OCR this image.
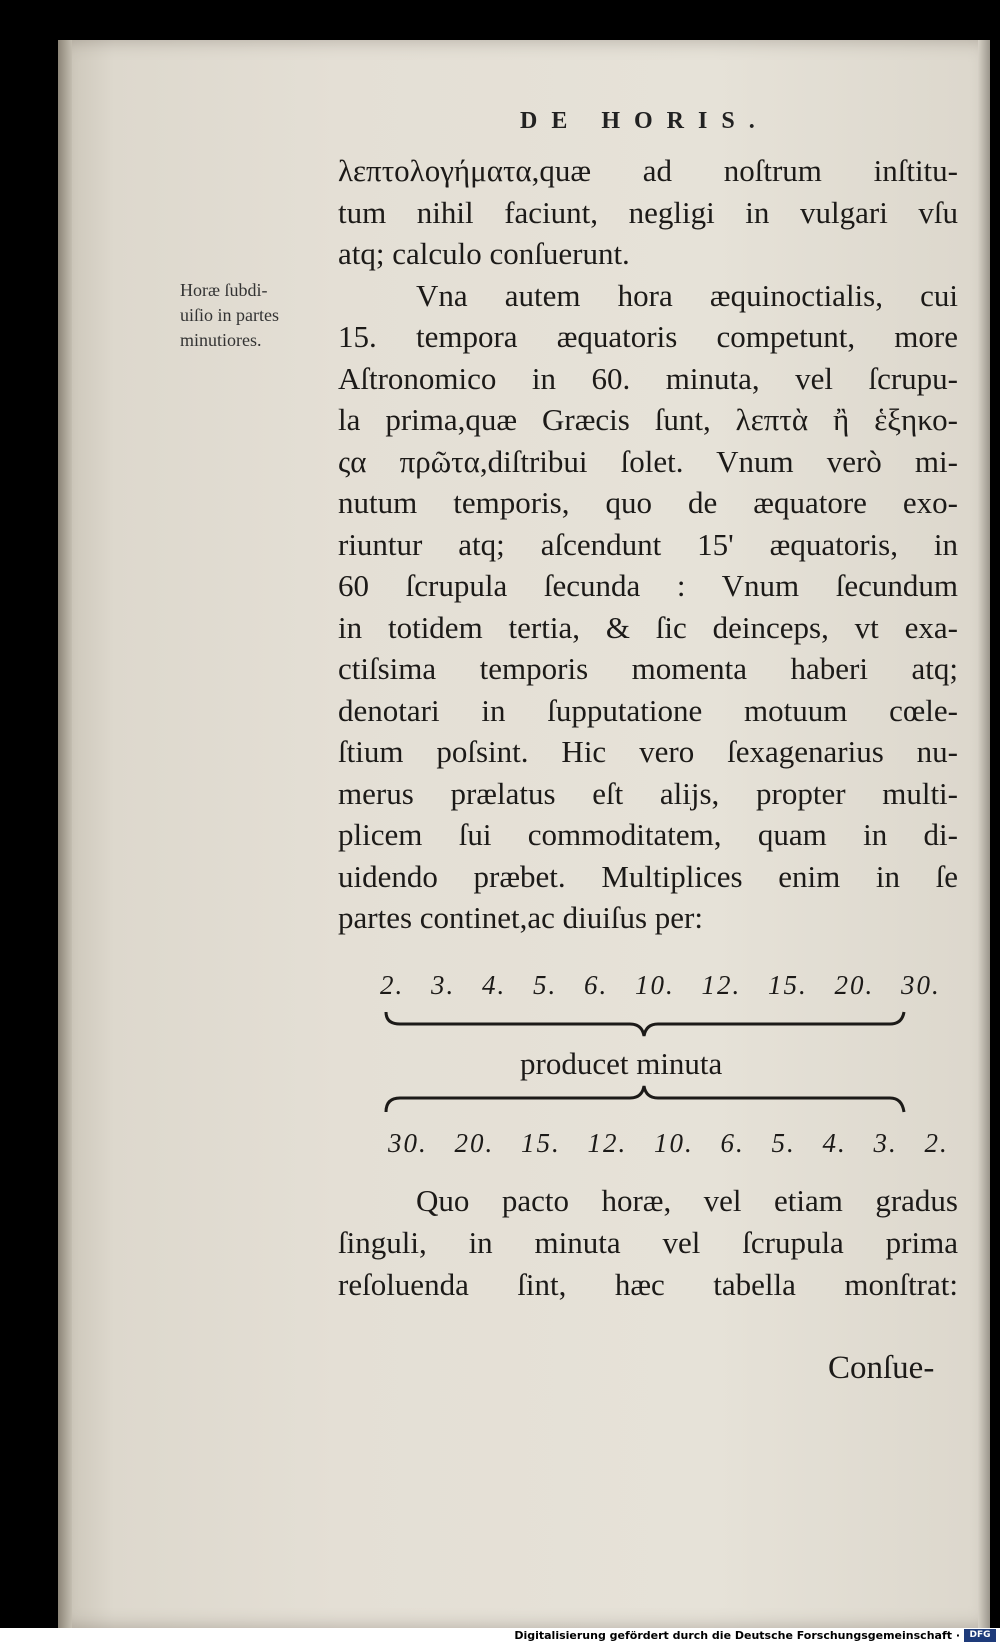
DE HORIS.
Horæ ſubdi-
uiſio in partes
minutiores.
λεπτολογήματα,quæ ad noſtrum inſtitu-
tum nihil faciunt, negligi in vulgari vſu
atq; calculo conſuerunt.
Vna autem hora æquinoctialis, cui
15. tempora æquatoris competunt, more
Aſtronomico in 60. minuta, vel ſcrupu-
la prima,quæ Græcis ſunt, λεπτὰ ἢ ἑξηκο-
ςα πρῶτα,diſtribui ſolet. Vnum verò mi-
nutum temporis, quo de æquatore exo-
riuntur atq; aſcendunt 15' æquatoris, in
60 ſcrupula ſecunda : Vnum ſecundum
in totidem tertia, & ſic deinceps, vt exa-
ctiſsima temporis momenta haberi atq;
denotari in ſupputatione motuum cœle-
ſtium poſsint. Hic vero ſexagenarius nu-
merus prælatus eſt alijs, propter multi-
plicem ſui commoditatem, quam in di-
uidendo præbet. Multiplices enim in ſe
partes continet,ac diuiſus per:
2. 3. 4. 5. 6. 10. 12. 15. 20. 30.
producet minuta
30. 20. 15. 12. 10. 6. 5. 4. 3. 2.
Quo pacto horæ, vel etiam gradus
ſinguli, in minuta vel ſcrupula prima
reſoluenda ſint, hæc tabella monſtrat:
Conſue-
Digitalisierung gefördert durch die Deutsche Forschungsgemeinschaft ·	DFG
